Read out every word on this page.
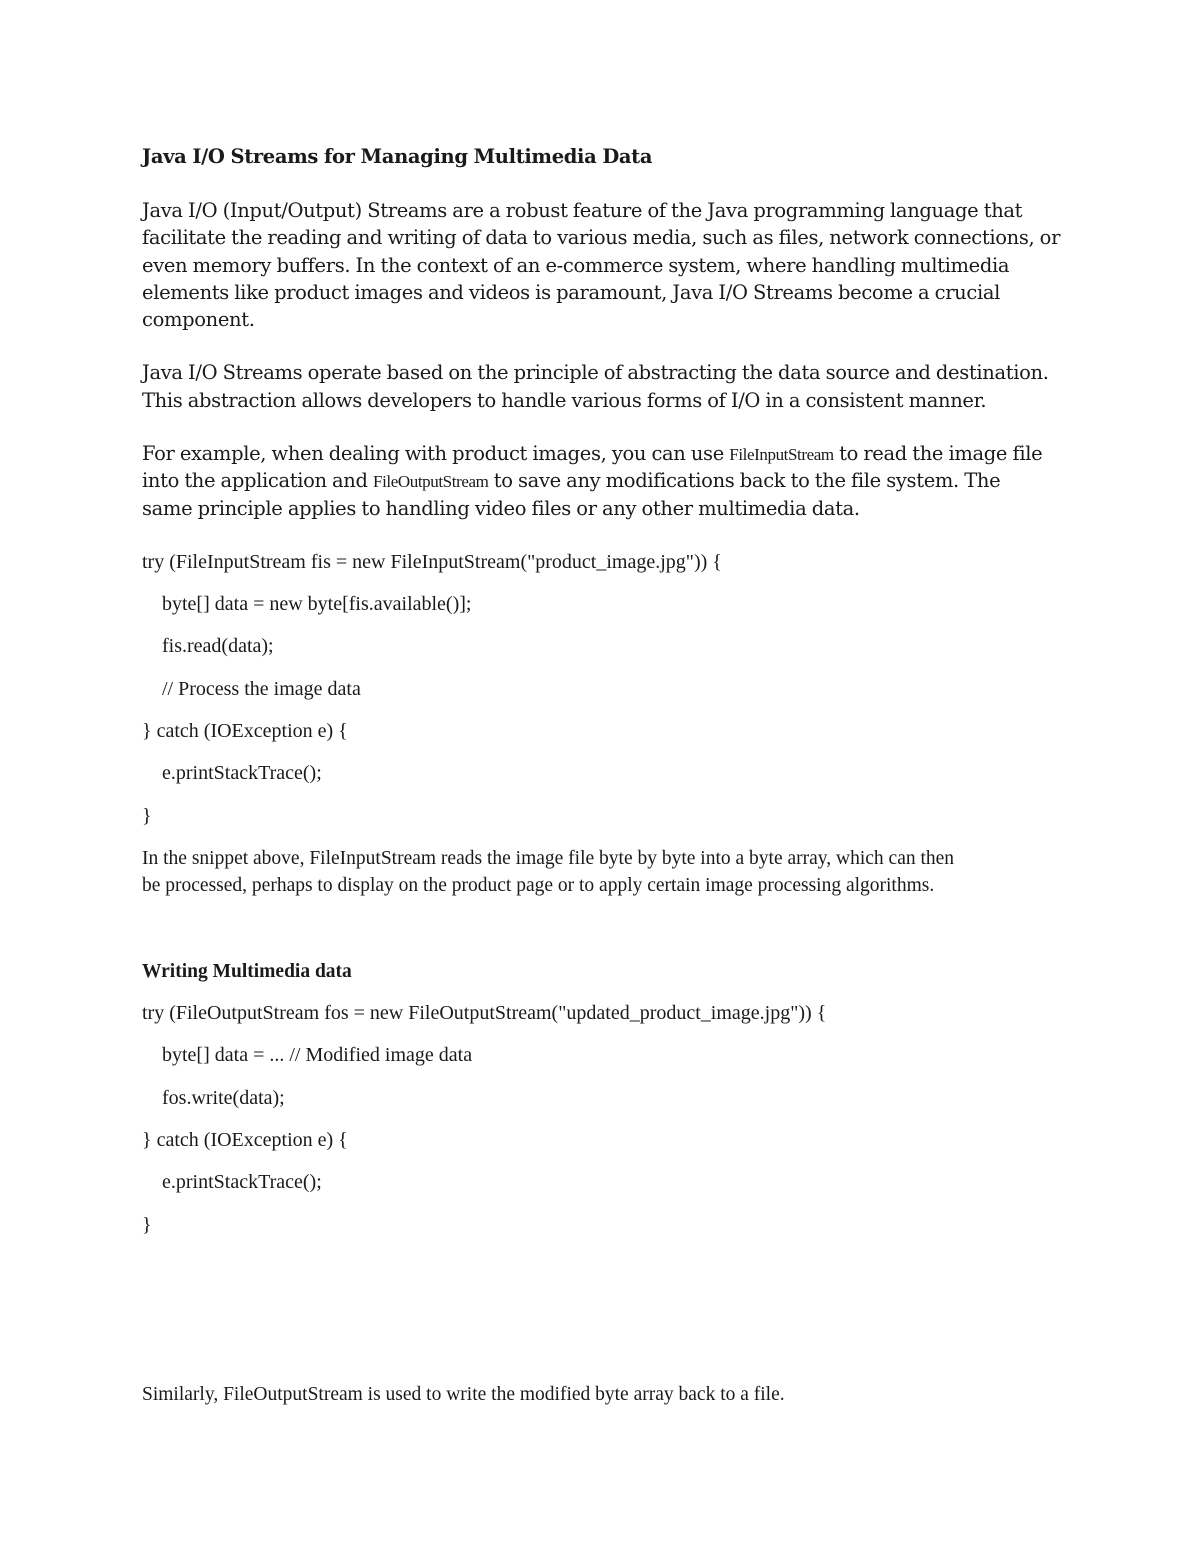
Java I/O Streams for Managing Multimedia Data
Java I/O (Input/Output) Streams are a robust feature of the Java programming language that
facilitate the reading and writing of data to various media, such as files, network connections, or
even memory buffers. In the context of an e-commerce system, where handling multimedia
elements like product images and videos is paramount, Java I/O Streams become a crucial
component.
Java I/O Streams operate based on the principle of abstracting the data source and destination.
This abstraction allows developers to handle various forms of I/O in a consistent manner.
For example, when dealing with product images, you can use FileInputStream to read the image file
into the application and FileOutputStream to save any modifications back to the file system. The
same principle applies to handling video files or any other multimedia data.
try (FileInputStream fis = new FileInputStream("product_image.jpg")) {
byte[] data = new byte[fis.available()];
fis.read(data);
// Process the image data
} catch (IOException e) {
e.printStackTrace();
}
In the snippet above, FileInputStream reads the image file byte by byte into a byte array, which can then
be processed, perhaps to display on the product page or to apply certain image processing algorithms.
Writing Multimedia data
try (FileOutputStream fos = new FileOutputStream("updated_product_image.jpg")) {
byte[] data = ... // Modified image data
fos.write(data);
} catch (IOException e) {
e.printStackTrace();
}
Similarly, FileOutputStream is used to write the modified byte array back to a file.
